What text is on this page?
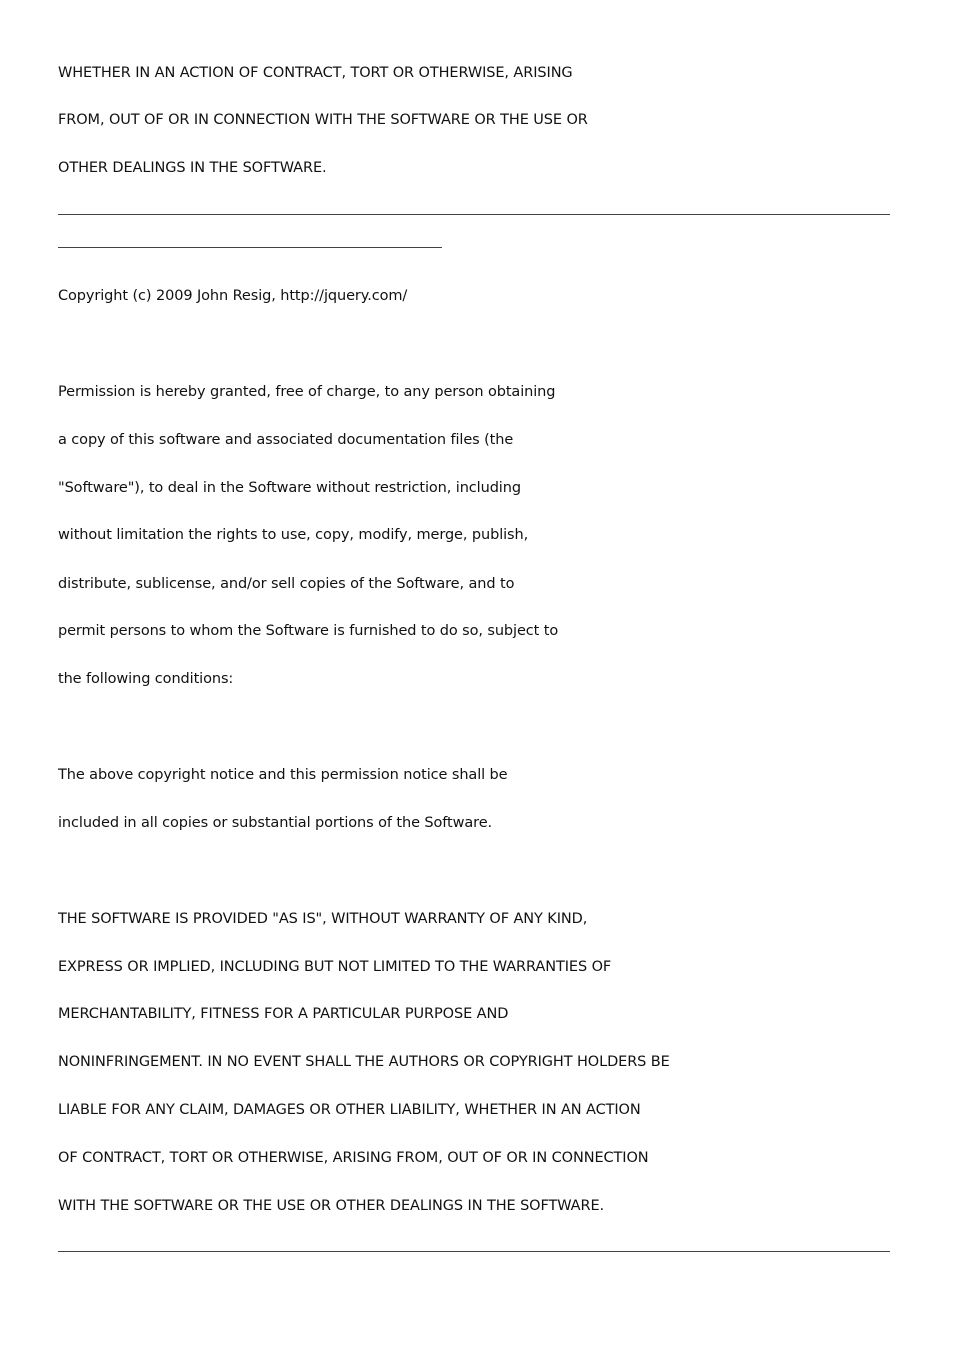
WHETHER IN AN ACTION OF CONTRACT, TORT OR OTHERWISE, ARISING
FROM, OUT OF OR IN CONNECTION WITH THE SOFTWARE OR THE USE OR
OTHER DEALINGS IN THE SOFTWARE.
Copyright (c) 2009 John Resig, http://jquery.com/
Permission is hereby granted, free of charge, to any person obtaining
a copy of this software and associated documentation files (the
"Software"), to deal in the Software without restriction, including
without limitation the rights to use, copy, modify, merge, publish,
distribute, sublicense, and/or sell copies of the Software, and to
permit persons to whom the Software is furnished to do so, subject to
the following conditions:
The above copyright notice and this permission notice shall be
included in all copies or substantial portions of the Software.
THE SOFTWARE IS PROVIDED "AS IS", WITHOUT WARRANTY OF ANY KIND,
EXPRESS OR IMPLIED, INCLUDING BUT NOT LIMITED TO THE WARRANTIES OF
MERCHANTABILITY, FITNESS FOR A PARTICULAR PURPOSE AND
NONINFRINGEMENT. IN NO EVENT SHALL THE AUTHORS OR COPYRIGHT HOLDERS BE
LIABLE FOR ANY CLAIM, DAMAGES OR OTHER LIABILITY, WHETHER IN AN ACTION
OF CONTRACT, TORT OR OTHERWISE, ARISING FROM, OUT OF OR IN CONNECTION
WITH THE SOFTWARE OR THE USE OR OTHER DEALINGS IN THE SOFTWARE.
